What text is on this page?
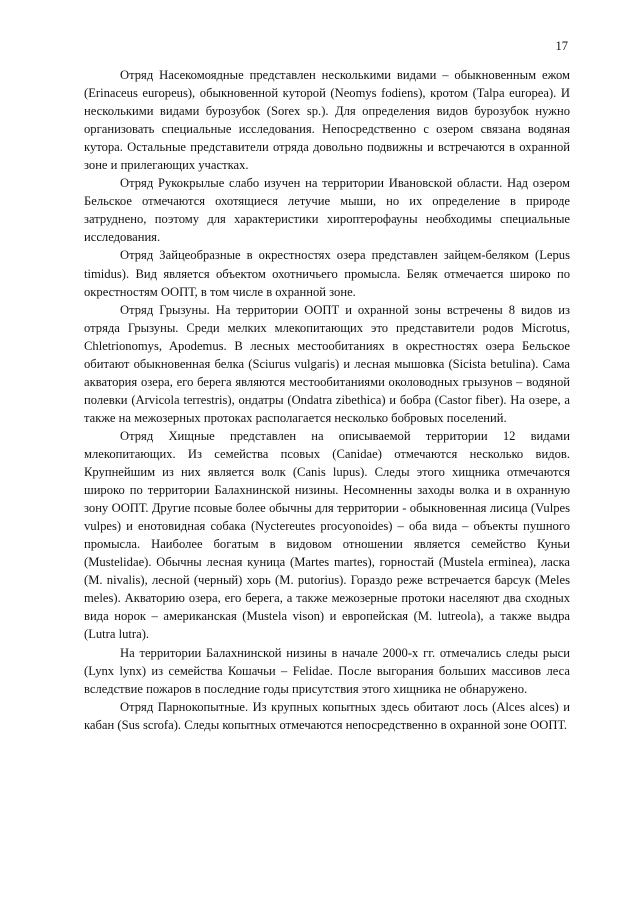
17

Отряд Насекомоядные представлен несколькими видами – обыкновенным ежом (Erinaceus europeus), обыкновенной куторой (Neomys fodiens), кротом (Talpa europea). И несколькими видами бурозубок (Sorex sp.). Для определения видов бурозубок нужно организовать специальные исследования. Непосредственно с озером связана водяная кутора. Остальные представители отряда довольно подвижны и встречаются в охранной зоне и прилегающих участках.

Отряд Рукокрылые слабо изучен на территории Ивановской области. Над озером Бельское отмечаются охотящиеся летучие мыши, но их определение в природе затруднено, поэтому для характеристики хироптерофауны необходимы специальные исследования.

Отряд Зайцеобразные в окрестностях озера представлен зайцем-беляком (Lepus timidus). Вид является объектом охотничьего промысла. Беляк отмечается широко по окрестностям ООПТ, в том числе в охранной зоне.

Отряд Грызуны. На территории ООПТ и охранной зоны встречены 8 видов из отряда Грызуны. Среди мелких млекопитающих это представители родов Microtus, Chletrionomys, Apodemus. В лесных местообитаниях в окрестностях озера Бельское обитают обыкновенная белка (Sciurus vulgaris) и лесная мышовка (Sicista betulina). Сама акватория озера, его берега являются местообитаниями околоводных грызунов – водяной полевки (Arvicola terrestris), ондатры (Ondatra zibethica) и бобра (Castor fiber). На озере, а также на межозерных протоках располагается несколько бобровых поселений.

Отряд Хищные представлен на описываемой территории 12 видами млекопитающих. Из семейства псовых (Canidae) отмечаются несколько видов. Крупнейшим из них является волк (Canis lupus). Следы этого хищника отмечаются широко по территории Балахнинской низины. Несомненны заходы волка и в охранную зону ООПТ. Другие псовые более обычны для территории - обыкновенная лисица (Vulpes vulpes) и енотовидная собака (Nyctereutes procyonoides) – оба вида – объекты пушного промысла. Наиболее богатым в видовом отношении является семейство Куньи (Mustelidae). Обычны лесная куница (Martes martes), горностай (Mustela erminea), ласка (M. nivalis), лесной (черный) хорь (M. putorius). Гораздо реже встречается барсук (Meles meles). Акваторию озера, его берега, а также межозерные протоки населяют два сходных вида норок – американская (Mustela vison) и европейская (M. lutreola), а также выдра (Lutra lutra).

На территории Балахнинской низины в начале 2000-х гг. отмечались следы рыси (Lynx lynx) из семейства Кошачьи – Felidae. После выгорания больших массивов леса вследствие пожаров в последние годы присутствия этого хищника не обнаружено.

Отряд Парнокопытные. Из крупных копытных здесь обитают лось (Alces alces) и кабан (Sus scrofa). Следы копытных отмечаются непосредственно в охранной зоне ООПТ.
